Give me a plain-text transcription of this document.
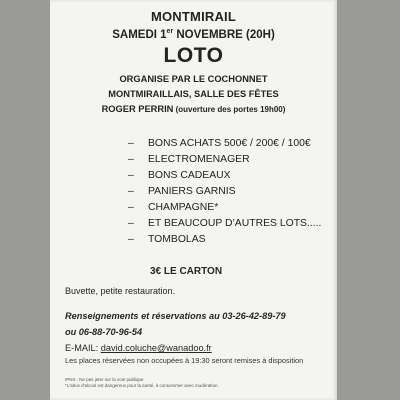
MONTMIRAIL
SAMEDI 1er NOVEMBRE (20H)
LOTO
ORGANISE PAR LE COCHONNET
MONTMIRAILLAIS, SALLE DES FÊTES
ROGER PERRIN (ouverture des portes 19h00)
– BONS ACHATS 500€ / 200€ / 100€
– ELECTROMENAGER
– BONS CADEAUX
– PANIERS GARNIS
– CHAMPAGNE*
– ET BEAUCOUP D’AUTRES LOTS.....
– TOMBOLAS
3€ LE CARTON
Buvette, petite restauration.
Renseignements et réservations au 03-26-42-89-79
ou 06-88-70-96-54
E-MAIL: david.coluche@wanadoo.fr
Les places réservées non occupées à 19:30 seront remises à disposition
IPNS : Ne pas jeter sur la voie publique
*L'abus d'alcool est dangereux pour la santé, à consommer avec modération.
